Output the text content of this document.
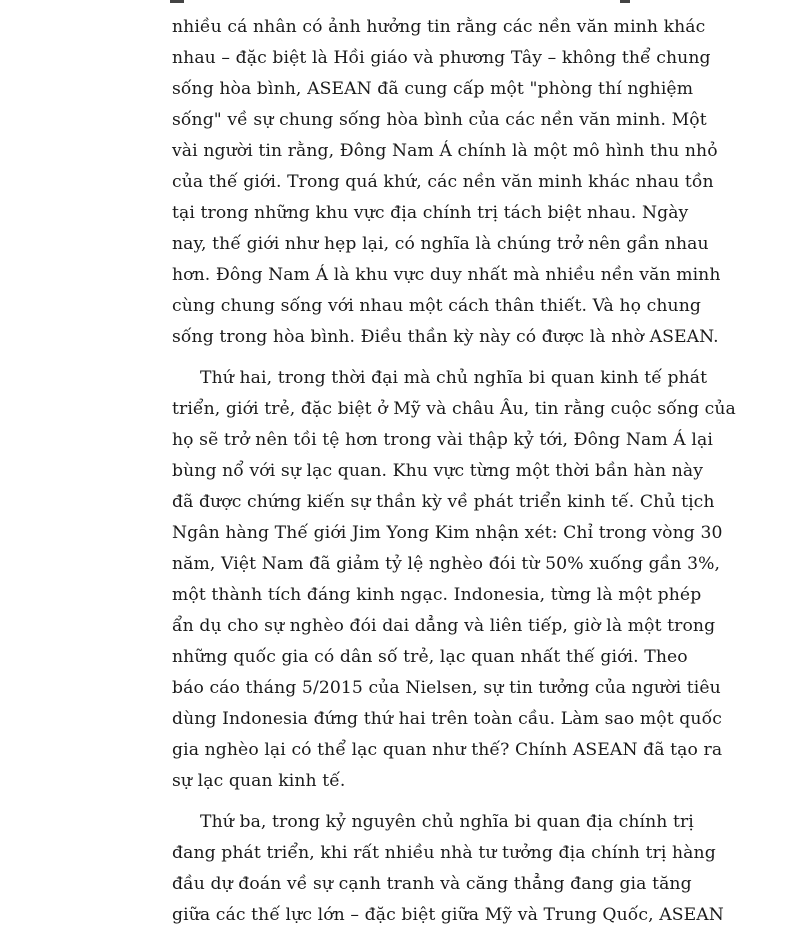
nhiều cá nhân có ảnh hưởng tin rằng các nền văn minh khác
nhau – đặc biệt là Hồi giáo và phương Tây – không thể chung
sống hòa bình, ASEAN đã cung cấp một "phòng thí nghiệm
sống" về sự chung sống hòa bình của các nền văn minh. Một
vài người tin rằng, Đông Nam Á chính là một mô hình thu nhỏ
của thế giới. Trong quá khứ, các nền văn minh khác nhau tồn
tại trong những khu vực địa chính trị tách biệt nhau. Ngày
nay, thế giới như hẹp lại, có nghĩa là chúng trở nên gần nhau
hơn. Đông Nam Á là khu vực duy nhất mà nhiều nền văn minh
cùng chung sống với nhau một cách thân thiết. Và họ chung
sống trong hòa bình. Điều thần kỳ này có được là nhờ ASEAN.
Thứ hai, trong thời đại mà chủ nghĩa bi quan kinh tế phát
triển, giới trẻ, đặc biệt ở Mỹ và châu Âu, tin rằng cuộc sống của
họ sẽ trở nên tồi tệ hơn trong vài thập kỷ tới, Đông Nam Á lại
bùng nổ với sự lạc quan. Khu vực từng một thời bần hàn này
đã được chứng kiến sự thần kỳ về phát triển kinh tế. Chủ tịch
Ngân hàng Thế giới Jim Yong Kim nhận xét: Chỉ trong vòng 30
năm, Việt Nam đã giảm tỷ lệ nghèo đói từ 50% xuống gần 3%,
một thành tích đáng kinh ngạc. Indonesia, từng là một phép
ẩn dụ cho sự nghèo đói dai dẳng và liên tiếp, giờ là một trong
những quốc gia có dân số trẻ, lạc quan nhất thế giới. Theo
báo cáo tháng 5/2015 của Nielsen, sự tin tưởng của người tiêu
dùng Indonesia đứng thứ hai trên toàn cầu. Làm sao một quốc
gia nghèo lại có thể lạc quan như thế? Chính ASEAN đã tạo ra
sự lạc quan kinh tế.
Thứ ba, trong kỷ nguyên chủ nghĩa bi quan địa chính trị
đang phát triển, khi rất nhiều nhà tư tưởng địa chính trị hàng
đầu dự đoán về sự cạnh tranh và căng thẳng đang gia tăng
giữa các thế lực lớn – đặc biệt giữa Mỹ và Trung Quốc, ASEAN
